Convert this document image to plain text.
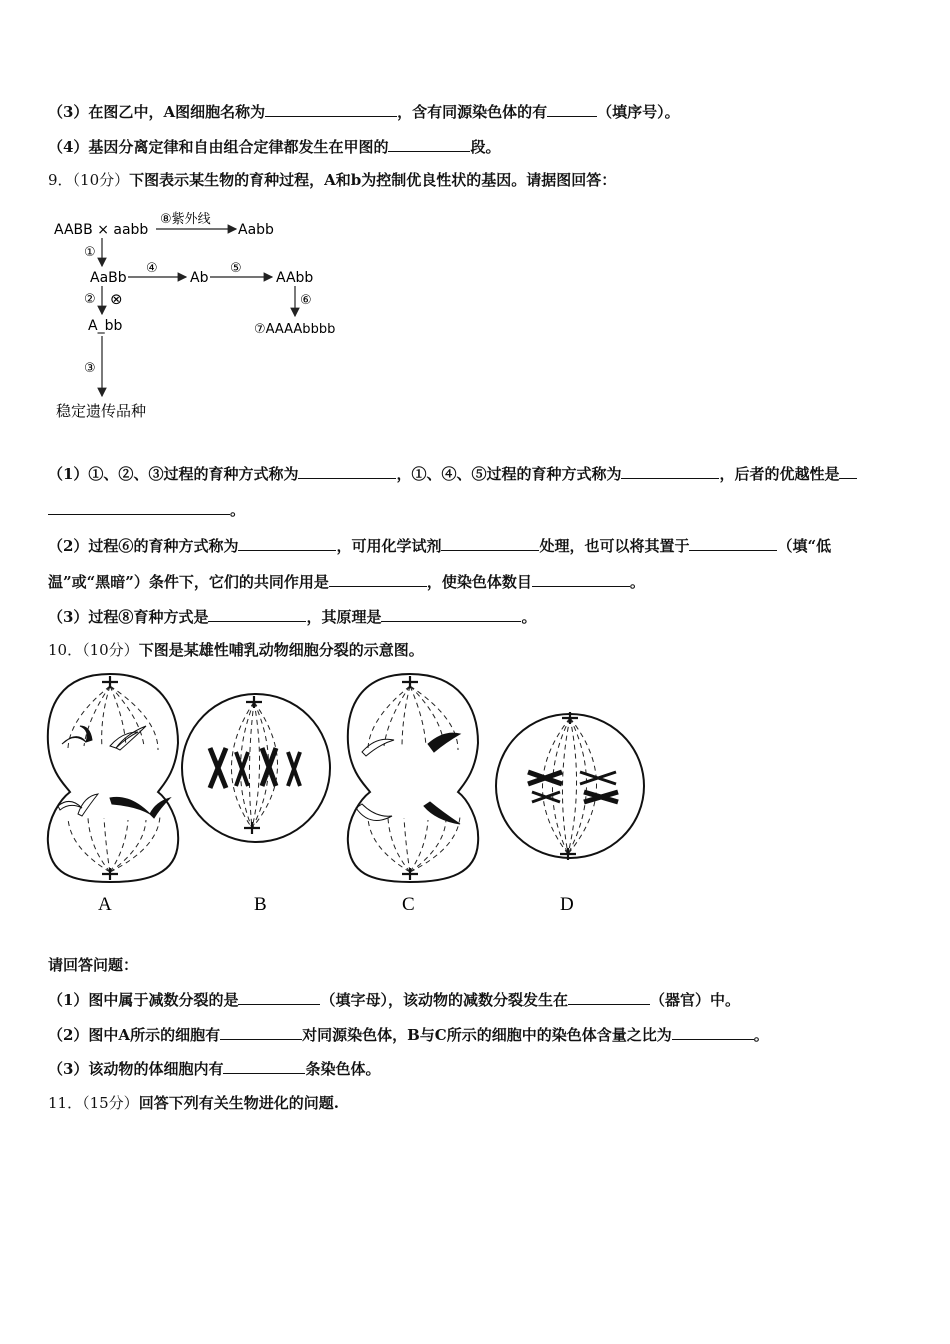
（3）在图乙中，A图细胞名称为	，含有同源染色体的有	（填序号）。
（4）基因分离定律和自由组合定律都发生在甲图的	段。
9．（10分）下图表示某生物的育种过程，A和b为控制优良性状的基因。请据图回答：
AABB × aabb
⑧紫外线
Aabb
①
AaBb
④
Ab
⑤
AAbb
⑥
⑦AAAAbbbb
② ⊗
A_bb
③
稳定遗传品种
（1）①、②、③过程的育种方式称为	，①、④、⑤过程的育种方式称为	，后者的优越性是
。
（2）过程⑥的育种方式称为	，可用化学试剂	处理，也可以将其置于	（填“低
温”或“黑暗”）条件下，它们的共同作用是	，使染色体数目	。
（3）过程⑧育种方式是	，其原理是	。
10．（10分）下图是某雄性哺乳动物细胞分裂的示意图。
A	B	C	D
请回答问题：
（1）图中属于减数分裂的是	（填字母），该动物的减数分裂发生在	（器官）中。
（2）图中A所示的细胞有	对同源染色体，B与C所示的细胞中的染色体含量之比为	。
（3）该动物的体细胞内有	条染色体。
11．（15分）回答下列有关生物进化的问题.
